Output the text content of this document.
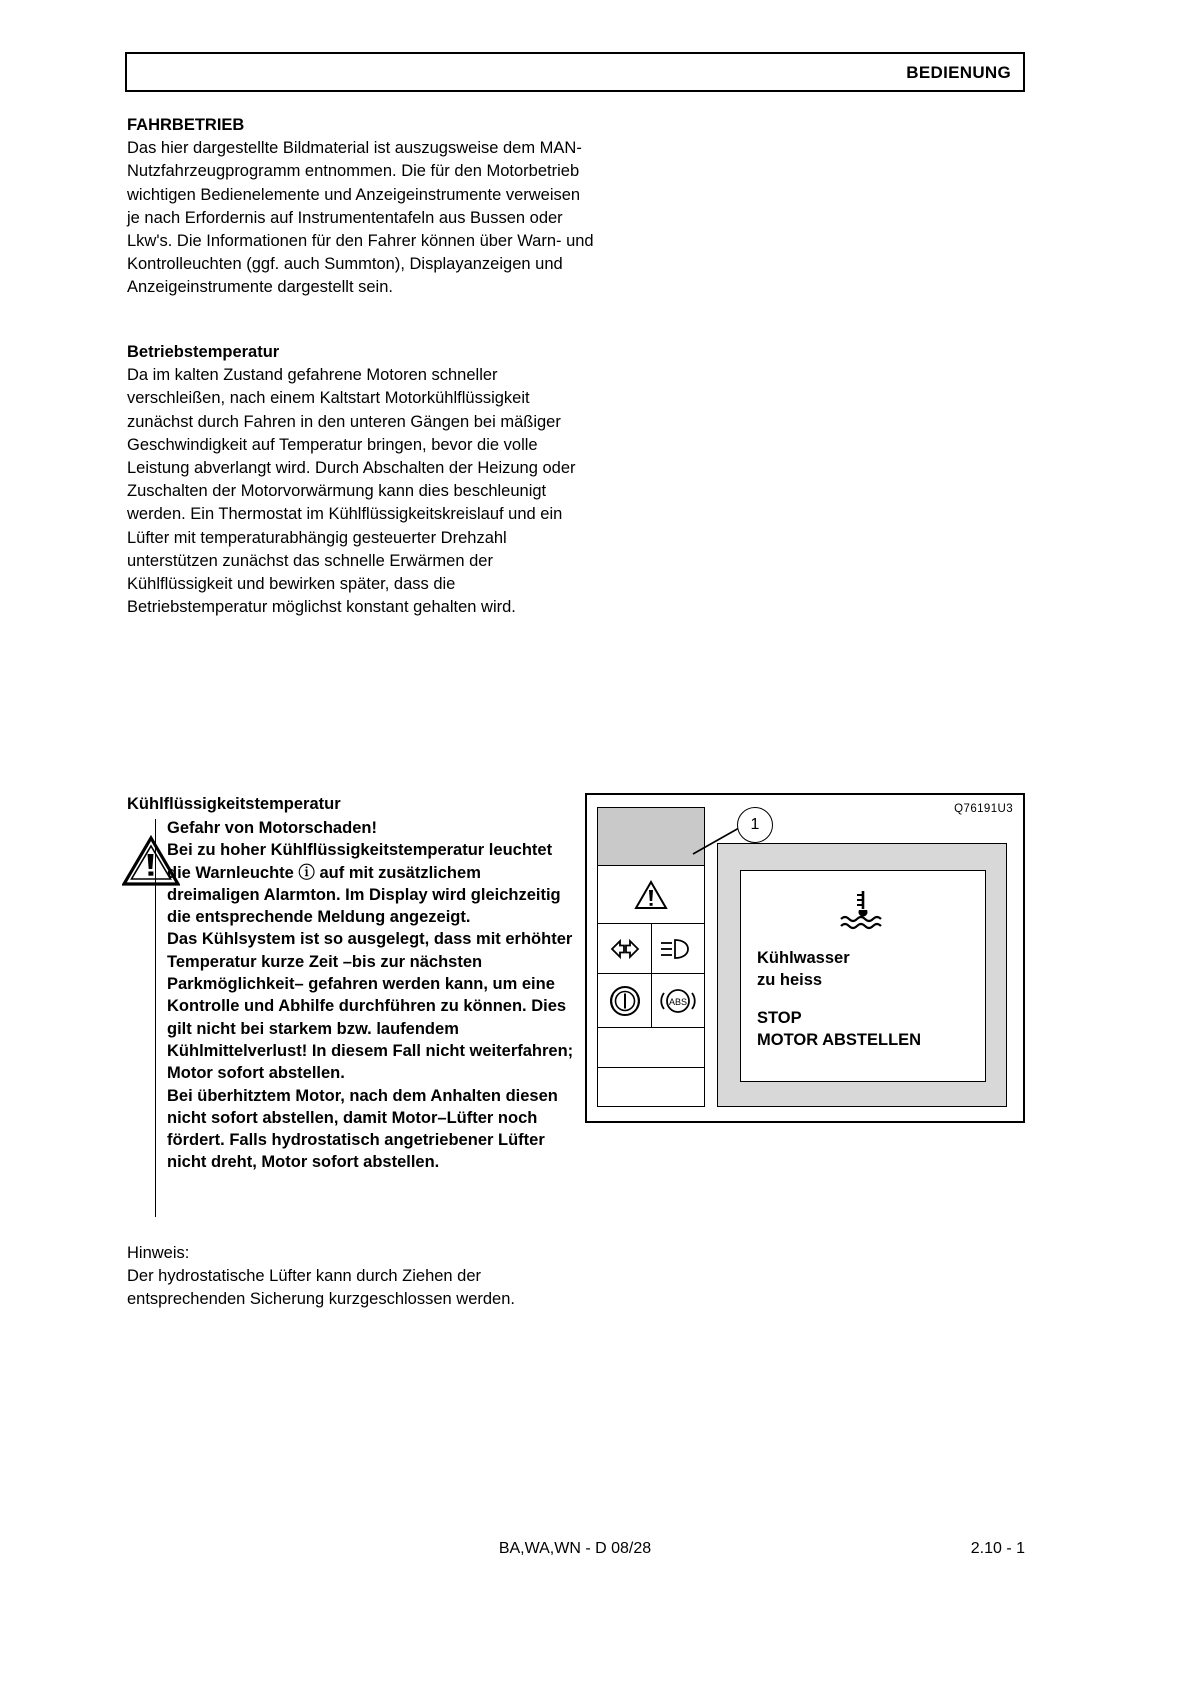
BEDIENUNG
FAHRBETRIEB

Das hier dargestellte Bildmaterial ist auszugsweise dem MAN- Nutzfahrzeugprogramm entnommen. Die für den Motorbetrieb wichtigen Bedienelemente und Anzeigeinstrumente verweisen je nach Erfordernis auf Instrumententafeln aus Bussen oder Lkw's. Die Informationen für den Fahrer können über Warn- und Kontrolleuchten (ggf. auch Summton), Displayanzeigen und Anzeigeinstrumente dargestellt sein.

Betriebstemperatur

Da im kalten Zustand gefahrene Motoren schneller verschleißen, nach einem Kaltstart Motorkühlflüssigkeit zunächst durch Fahren in den unteren Gängen bei mäßiger Geschwindigkeit auf Temperatur bringen, bevor die volle Leistung abverlangt wird. Durch Abschalten der Heizung oder Zuschalten der Motorvorwärmung kann dies beschleunigt werden. Ein Thermostat im Kühlflüssigkeitskreislauf und ein Lüfter mit temperaturabhängig gesteuerter Drehzahl unterstützen zunächst das schnelle Erwärmen der Kühlflüssigkeit und bewirken später, dass die Betriebstemperatur möglichst konstant gehalten wird.

Kühlflüssigkeitstemperatur

Gefahr von Motorschaden!

Bei zu hoher Kühlflüssigkeitstemperatur leuchtet die Warnleuchte ⓘ auf mit zusätzlichem dreimaligen Alarmton. Im Display wird gleichzeitig die entsprechende Meldung angezeigt.

Das Kühlsystem ist so ausgelegt, dass mit erhöhter Temperatur kurze Zeit –bis zur nächsten Parkmöglichkeit– gefahren werden kann, um eine Kontrolle und Abhilfe durchführen zu können. Dies gilt nicht bei starkem bzw. laufendem Kühlmittelverlust! In diesem Fall nicht weiterfahren; Motor sofort abstellen.

Bei überhitztem Motor, nach dem Anhalten diesen nicht sofort abstellen, damit Motor–Lüfter noch fördert. Falls hydrostatisch angetriebener Lüfter nicht dreht, Motor sofort abstellen.

Hinweis:

Der hydrostatische Lüfter kann durch Ziehen der entsprechenden Sicherung kurzgeschlossen werden.

Q76191U3
ABS
1
Kühlwasser
zu heiss
STOP
MOTOR ABSTELLEN
BA,WA,WN - D 08/28	2.10 - 1
